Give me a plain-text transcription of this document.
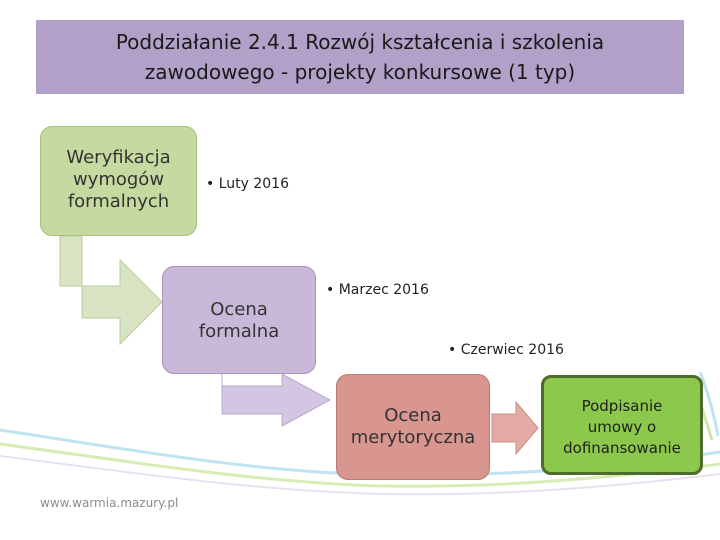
Poddziałanie 2.4.1 Rozwój kształcenia i szkolenia
zawodowego - projekty konkursowe (1 typ)
Weryfikacja
wymogów
formalnych
• Luty 2016
Ocena
formalna
• Marzec 2016
• Czerwiec 2016
Ocena
merytoryczna
Podpisanie
umowy o
dofinansowanie
www.warmia.mazury.pl
